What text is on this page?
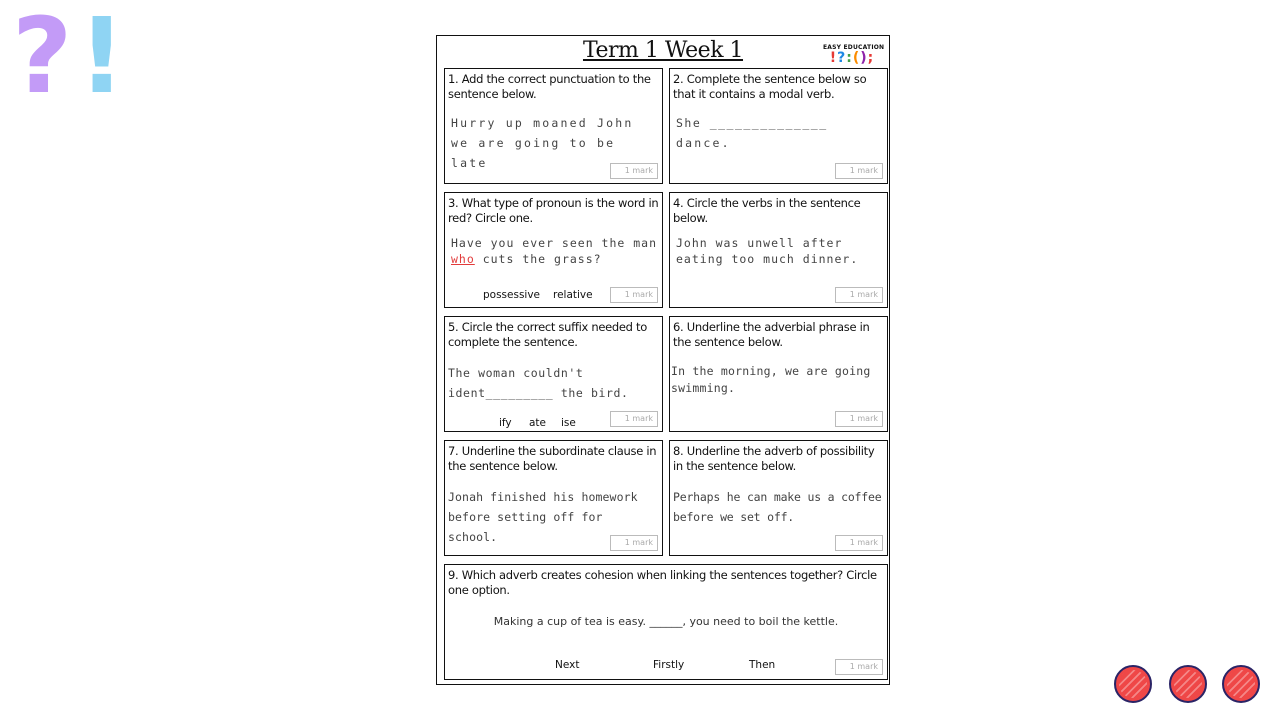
? !	Term 1 Week 1	EASY EDUCATION
!?:();
1. Add the correct punctuation to the sentence below.
Hurry up moaned John
we are going to be late
1 mark
2. Complete the sentence below so that it contains a modal verb.
She ______________
dance.
1 mark
3. What type of pronoun is the word in red? Circle one.
Have you ever seen the man
who cuts the grass?
possessive relative	1 mark
4. Circle the verbs in the sentence below.
John was unwell after
eating too much dinner.
1 mark
5. Circle the correct suffix needed to complete the sentence.
The woman couldn't
ident_________ the bird.
ify ate ise	1 mark
6. Underline the adverbial phrase in the sentence below.
In the morning, we are going
swimming.
1 mark
7. Underline the subordinate clause in the sentence below.
Jonah finished his homework
before setting off for school.	1 mark
8. Underline the adverb of possibility in the sentence below.
Perhaps he can make us a coffee
before we set off.
1 mark
9. Which adverb creates cohesion when linking the sentences together? Circle one option.
Making a cup of tea is easy. ______, you need to boil the kettle.
Next	Firstly	Then	1 mark
